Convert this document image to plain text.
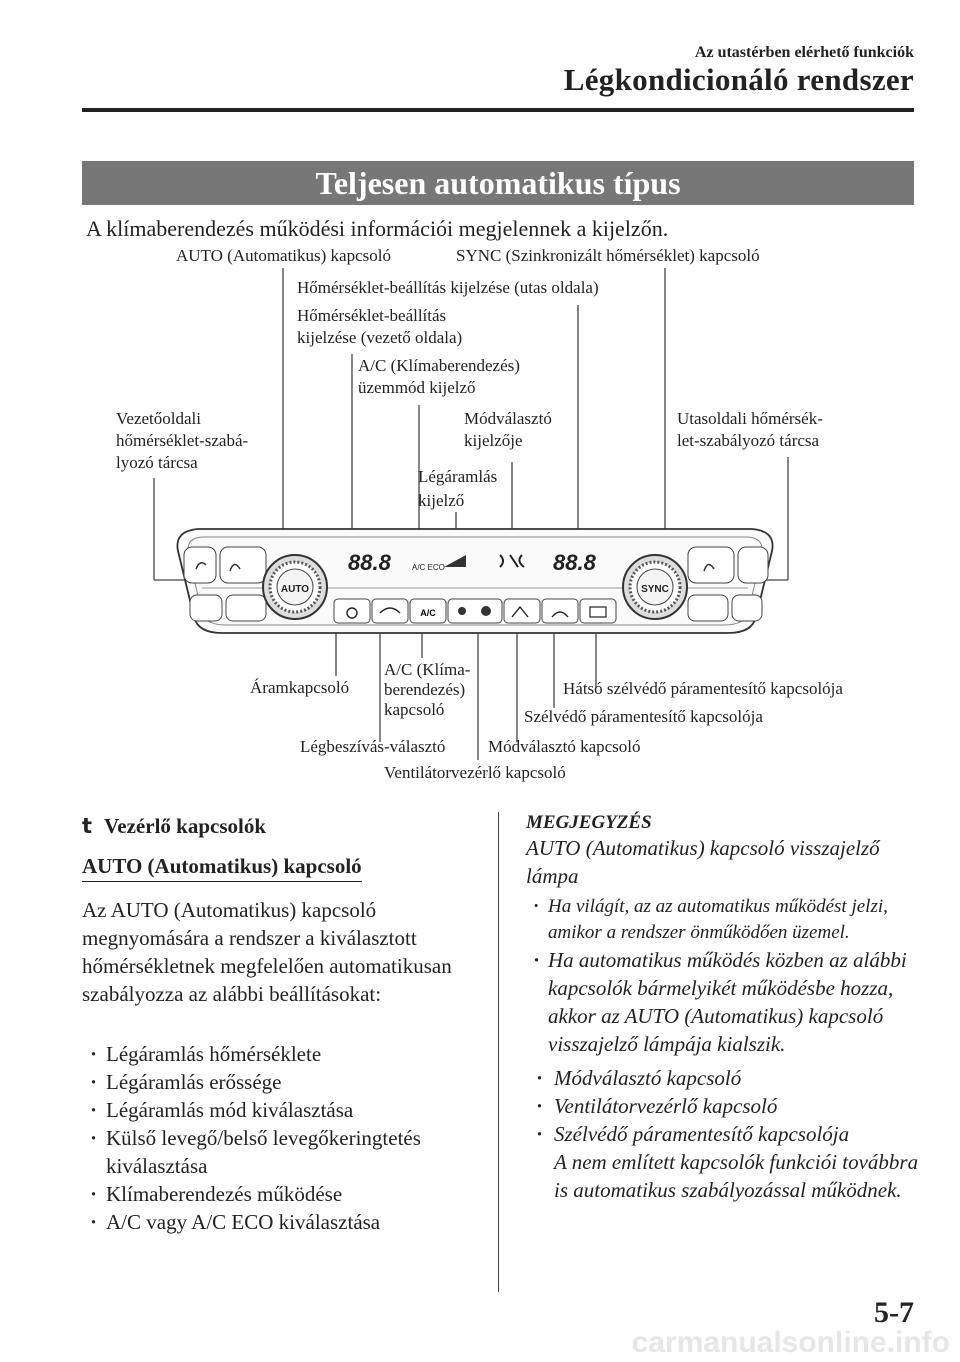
Az utastérben elérhető funkciók
Légkondicionáló rendszer
Teljesen automatikus típus
A klímaberendezés működési információi megjelennek a kijelzőn.
AUTO	SYNC
88.8	88.8
A/C ECO
A/C
AUTO (Automatikus) kapcsoló	SYNC (Szinkronizált hőmérséklet) kapcsoló
Hőmérséklet-beállítás kijelzése (utas oldala)
Hőmérséklet-beállítás
kijelzése (vezető oldala)
A/C (Klímaberendezés)
üzemmód kijelző
Vezetőoldali
hőmérséklet-szabá-
lyozó tárcsa
Módválasztó
kijelzője
Utasoldali hőmérsék-
let-szabályozó tárcsa
Légáramlás
kijelző
Áramkapcsoló
A/C (Klíma-
berendezés)
kapcsoló
Hátsó szélvédő páramentesítő kapcsolója
Szélvédő páramentesítő kapcsolója
Légbeszívás-választó	Módválasztó kapcsoló
Ventilátorvezérlő kapcsoló
t Vezérlő kapcsolók
AUTO (Automatikus) kapcsoló
Az AUTO (Automatikus) kapcsoló megnyomására a rendszer a kiválasztott hőmérsékletnek megfelelően automatikusan szabályozza az alábbi beállításokat:
· Légáramlás hőmérséklete
· Légáramlás erőssége
· Légáramlás mód kiválasztása
· Külső levegő/belső levegőkeringtetés kiválasztása
· Klímaberendezés működése
· A/C vagy A/C ECO kiválasztása
MEGJEGYZÉS
AUTO (Automatikus) kapcsoló visszajelző lámpa
· Ha világít, az az automatikus működést jelzi, amikor a rendszer önműködően üzemel.
· Ha automatikus működés közben az alábbi kapcsolók bármelyikét működésbe hozza, akkor az AUTO (Automatikus) kapcsoló visszajelző lámpája kialszik.
· Módválasztó kapcsoló
· Ventilátorvezérlő kapcsoló
· Szélvédő páramentesítő kapcsolója
A nem említett kapcsolók funkciói továbbra is automatikus szabályozással működnek.
5-7
carmanualsonline.info
